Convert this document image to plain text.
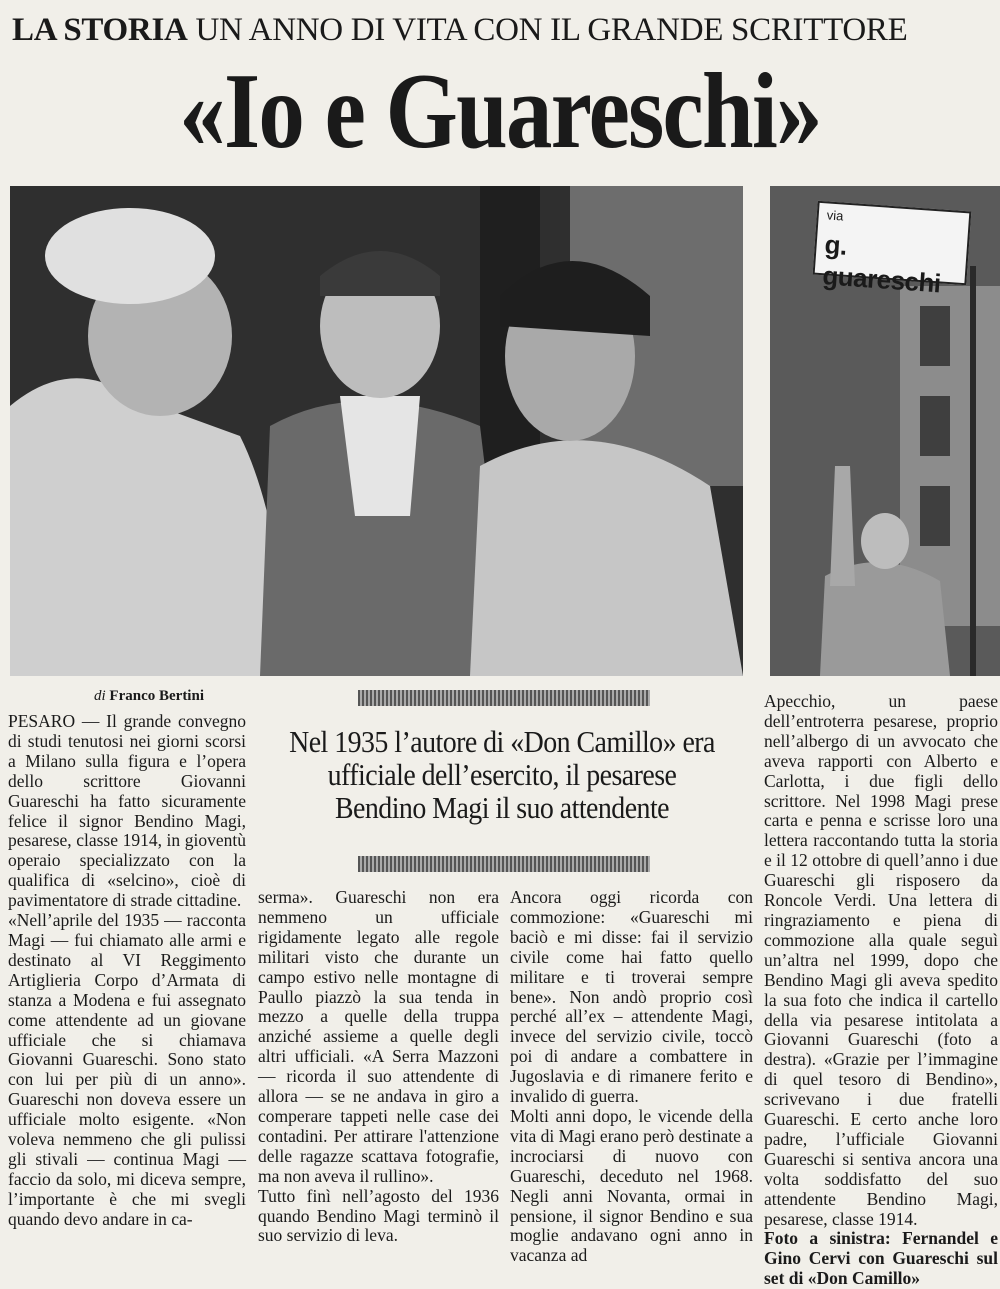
LA STORIA UN ANNO DI VITA CON IL GRANDE SCRITTORE
«Io e Guareschi»
via
g. guareschi
di Franco Bertini
Nel 1935 l’autore di «Don Camillo» era ufficiale dell’esercito, il pesarese Bendino Magi il suo attendente

PESARO — Il grande convegno di studi tenutosi nei giorni scorsi a Milano sulla figura e l’opera dello scrittore Giovanni Guareschi ha fatto sicuramente felice il signor Bendino Magi, pesarese, classe 1914, in gioventù operaio specializzato con la qualifica di «selcino», cioè di pavimentatore di strade cittadine.

«Nell’aprile del 1935 — racconta Magi — fui chiamato alle armi e destinato al VI Reggimento Artiglieria Corpo d’Armata di stanza a Modena e fui assegnato come attendente ad un giovane ufficiale che si chiamava Giovanni Guareschi. Sono stato con lui per più di un anno». Guareschi non doveva essere un ufficiale molto esigente. «Non voleva nemmeno che gli pulissi gli stivali — continua Magi — faccio da solo, mi diceva sempre, l’importante è che mi svegli quando devo andare in ca-

serma». Guareschi non era nemmeno un ufficiale rigidamente legato alle regole militari visto che durante un campo estivo nelle montagne di Paullo piazzò la sua tenda in mezzo a quelle della truppa anziché assieme a quelle degli altri ufficiali. «A Serra Mazzoni — ricorda il suo attendente di allora — se ne andava in giro a comperare tappeti nelle case dei contadini. Per attirare l'attenzione delle ragazze scattava fotografie, ma non aveva il rullino».

Tutto finì nell’agosto del 1936 quando Bendino Magi terminò il suo servizio di leva.

Ancora oggi ricorda con commozione: «Guareschi mi baciò e mi disse: fai il servizio civile come hai fatto quello militare e ti troverai sempre bene». Non andò proprio così perché all’ex – attendente Magi, invece del servizio civile, toccò poi di andare a combattere in Jugoslavia e di rimanere ferito e invalido di guerra.

Molti anni dopo, le vicende della vita di Magi erano però destinate a incrociarsi di nuovo con Guareschi, deceduto nel 1968. Negli anni Novanta, ormai in pensione, il signor Bendino e sua moglie andavano ogni anno in vacanza ad

Apecchio, un paese dell’entroterra pesarese, proprio nell’albergo di un avvocato che aveva rapporti con Alberto e Carlotta, i due figli dello scrittore. Nel 1998 Magi prese carta e penna e scrisse loro una lettera raccontando tutta la storia e il 12 ottobre di quell’anno i due Guareschi gli risposero da Roncole Verdi. Una lettera di ringraziamento e piena di commozione alla quale seguì un’altra nel 1999, dopo che Bendino Magi gli aveva spedito la sua foto che indica il cartello della via pesarese intitolata a Giovanni Guareschi (foto a destra). «Grazie per l’immagine di quel tesoro di Bendino», scrivevano i due fratelli Guareschi. E certo anche loro padre, l’ufficiale Giovanni Guareschi si sentiva ancora una volta soddisfatto del suo attendente Bendino Magi, pesarese, classe 1914.

Foto a sinistra: Fernandel e Gino Cervi con Guareschi sul set di «Don Camillo»
